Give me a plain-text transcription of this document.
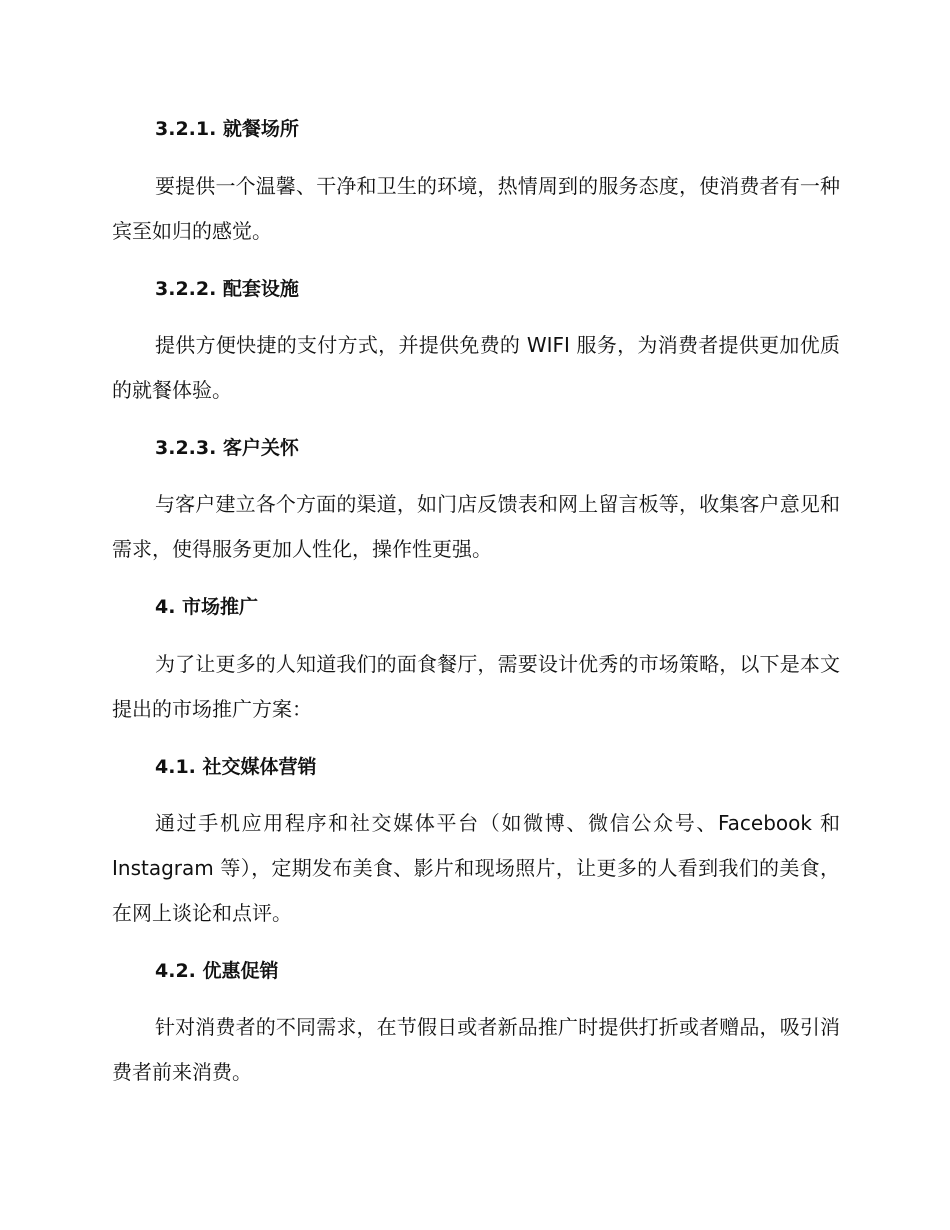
3.2.1. 就餐场所

要提供一个温馨、干净和卫生的环境，热情周到的服务态度，使消费者有一种宾至如归的感觉。

3.2.2. 配套设施

提供方便快捷的支付方式，并提供免费的 WIFI 服务，为消费者提供更加优质的就餐体验。

3.2.3. 客户关怀

与客户建立各个方面的渠道，如门店反馈表和网上留言板等，收集客户意见和需求，使得服务更加人性化，操作性更强。

4. 市场推广

为了让更多的人知道我们的面食餐厅，需要设计优秀的市场策略，以下是本文提出的市场推广方案：

4.1. 社交媒体营销

通过手机应用程序和社交媒体平台（如微博、微信公众号、Facebook 和 Instagram 等），定期发布美食、影片和现场照片，让更多的人看到我们的美食，在网上谈论和点评。

4.2. 优惠促销

针对消费者的不同需求，在节假日或者新品推广时提供打折或者赠品，吸引消费者前来消费。
